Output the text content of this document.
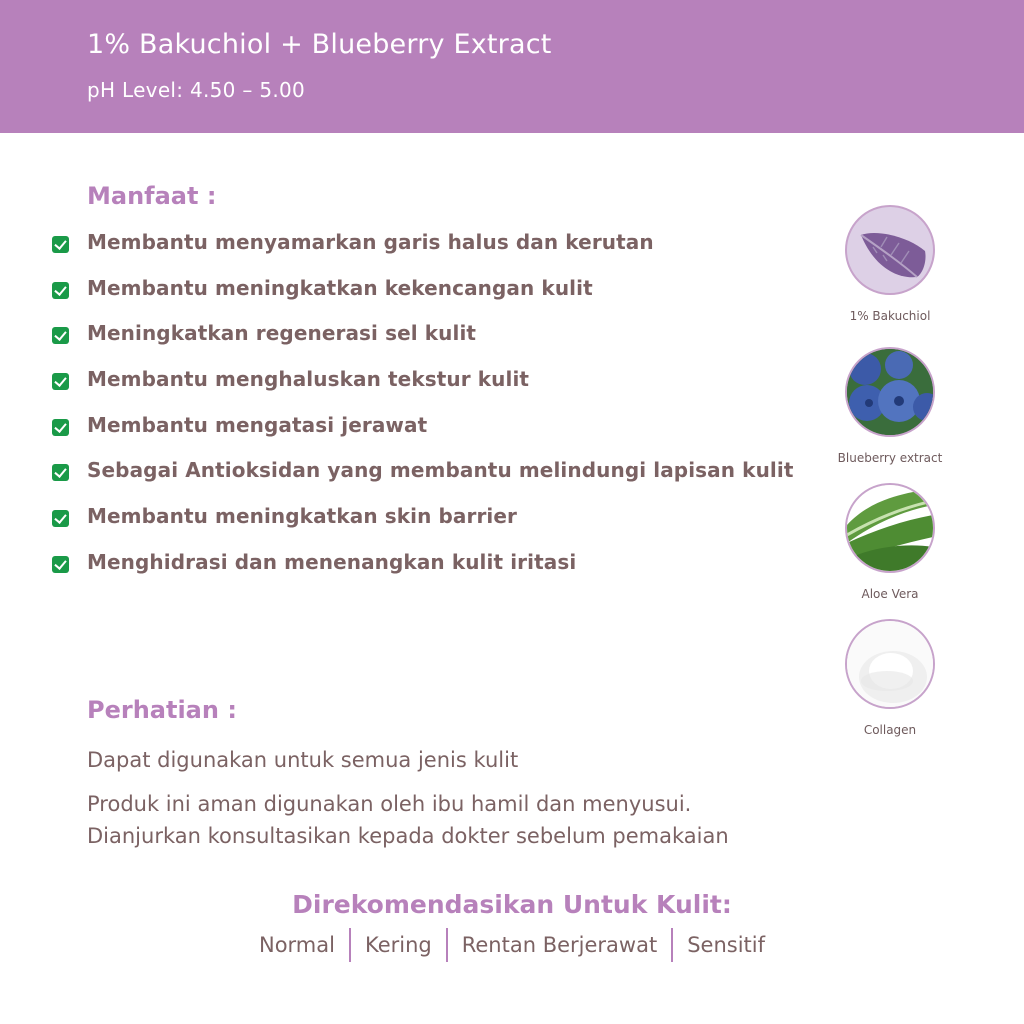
1% Bakuchiol + Blueberry Extract
pH Level: 4.50 – 5.00
Manfaat :
Membantu menyamarkan garis halus dan kerutan
Membantu meningkatkan kekencangan kulit
Meningkatkan regenerasi sel kulit
Membantu menghaluskan tekstur kulit
Membantu mengatasi jerawat
Sebagai Antioksidan yang membantu melindungi lapisan kulit
Membantu meningkatkan skin barrier
Menghidrasi dan menenangkan kulit iritasi
Perhatian :

Dapat digunakan untuk semua jenis kulit

Produk ini aman digunakan oleh ibu hamil dan menyusui. Dianjurkan konsultasikan kepada dokter sebelum pemakaian

Direkomendasikan Untuk Kulit:
Normal	Kering	Rentan Berjerawat	Sensitif
1% Bakuchiol
Blueberry extract
Aloe Vera
Collagen
